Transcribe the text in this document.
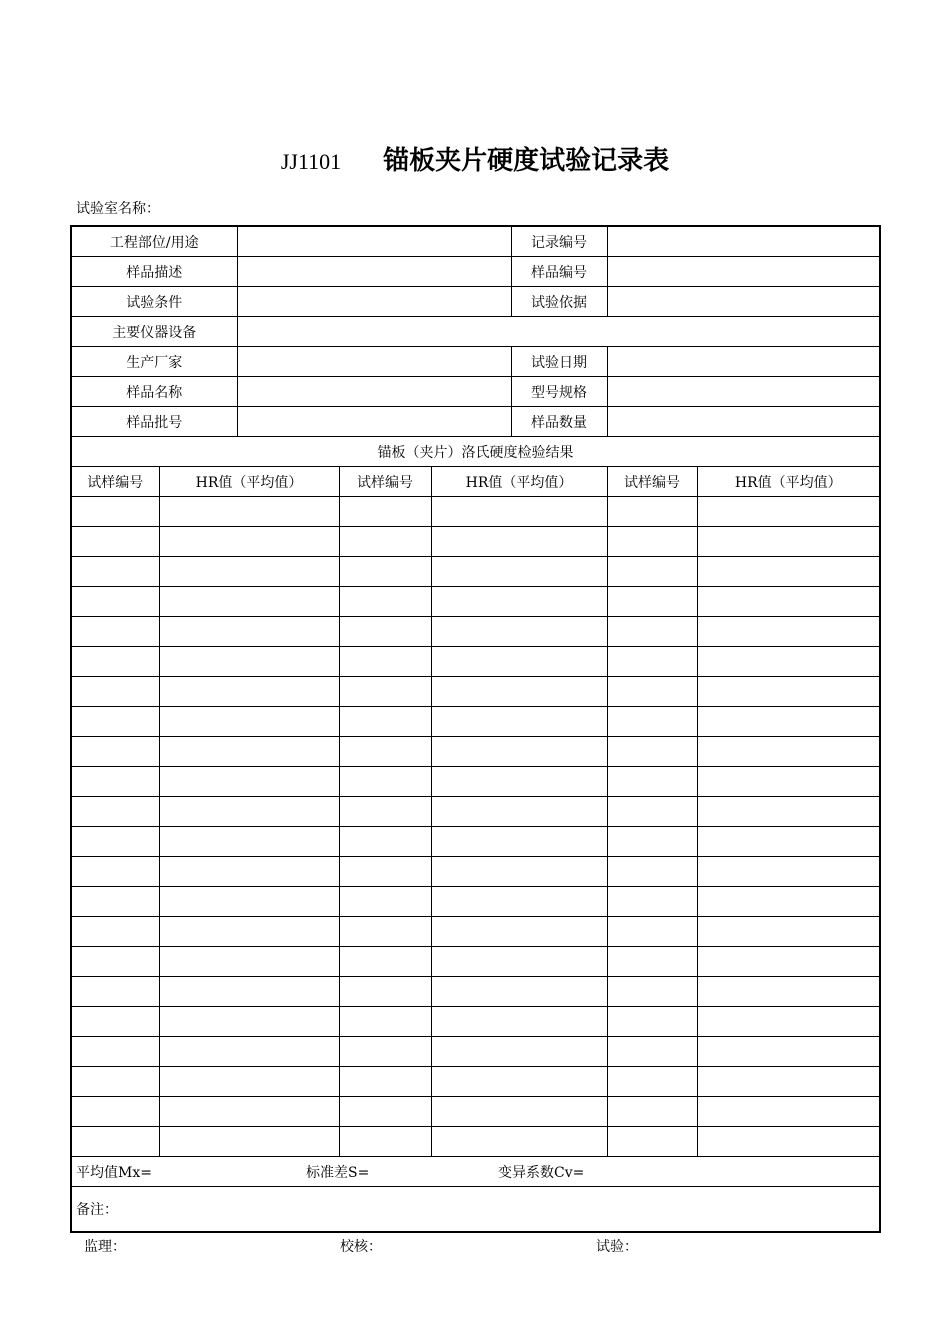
JJ1101 锚板夹片硬度试验记录表
试验室名称：
工程部位/用途					记录编号		
样品描述					样品编号		
试验条件					试验依据		
主要仪器设备							
生产厂家					试验日期		
样品名称					型号规格		
样品批号					样品数量		
锚板（夹片）洛氏硬度检验结果							
试样编号	HR值（平均值）		试样编号	HR值（平均值）		试样编号	HR值（平均值）

平均值Mx= 标准差S= 变异系数Cv=							
备注：							
监理：	校核：	试验：
